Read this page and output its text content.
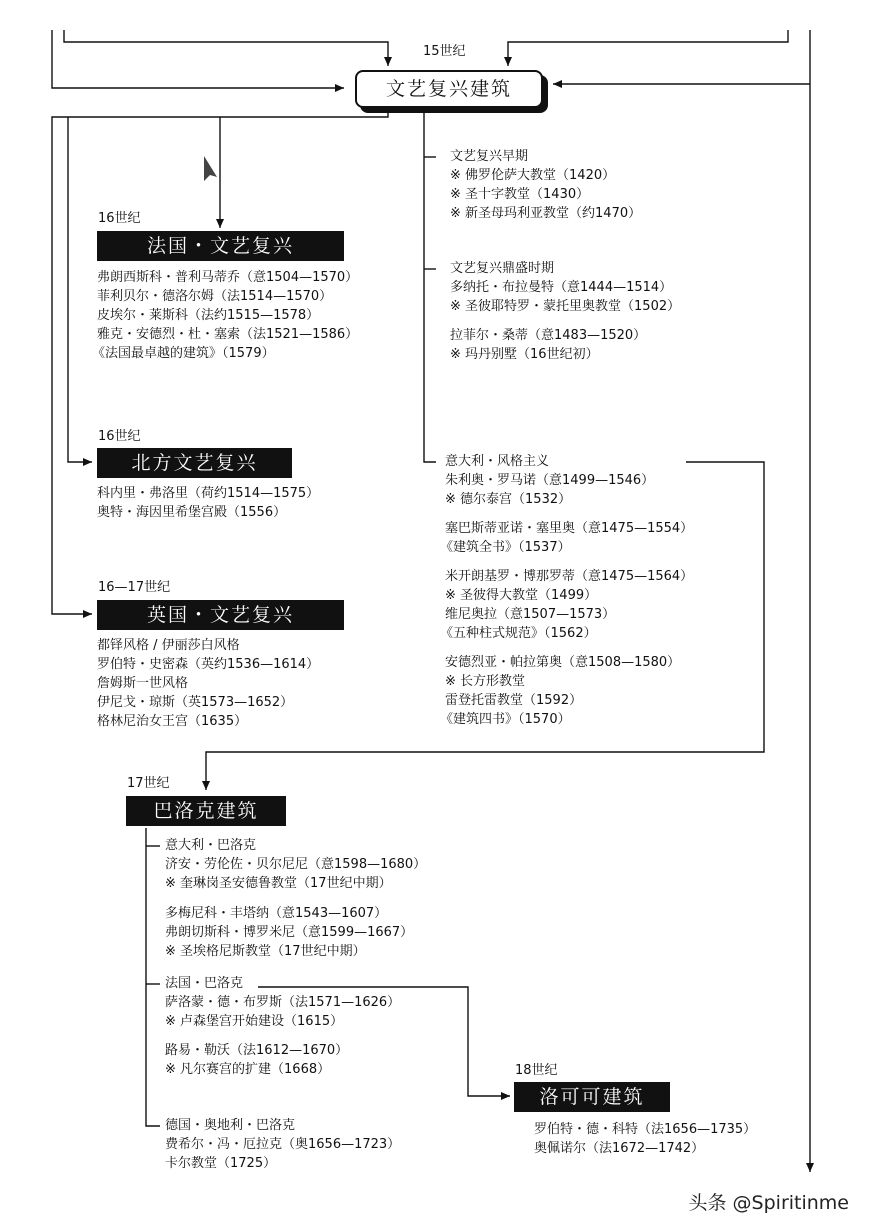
15世纪
文艺复兴建筑
文艺复兴早期
※ 佛罗伦萨大教堂（1420）
※ 圣十字教堂（1430）
※ 新圣母玛利亚教堂（约1470）
文艺复兴鼎盛时期
多纳托・布拉曼特（意1444—1514）
※ 圣彼耶特罗・蒙托里奥教堂（1502）
拉菲尔・桑蒂（意1483—1520）
※ 玛丹别墅（16世纪初）
意大利・风格主义
朱利奥・罗马诺（意1499—1546）
※ 德尔泰宫（1532）
塞巴斯蒂亚诺・塞里奥（意1475—1554）
《建筑全书》（1537）
米开朗基罗・博那罗蒂（意1475—1564）
※ 圣彼得大教堂（1499）
维尼奥拉（意1507—1573）
《五种柱式规范》（1562）
安德烈亚・帕拉第奥（意1508—1580）
※ 长方形教堂
雷登托雷教堂（1592）
《建筑四书》（1570）
16世纪
法国・文艺复兴
弗朗西斯科・普利马蒂乔（意1504—1570）
菲利贝尔・德洛尔姆（法1514—1570）
皮埃尔・莱斯科（法约1515—1578）
雅克・安德烈・杜・塞索（法1521—1586）
《法国最卓越的建筑》（1579）
16世纪
北方文艺复兴
科内里・弗洛里（荷约1514—1575）
奥特・海因里希堡宫殿（1556）
16—17世纪
英国・文艺复兴
都铎风格 / 伊丽莎白风格
罗伯特・史密森（英约1536—1614）
詹姆斯一世风格
伊尼戈・琼斯（英1573—1652）
格林尼治女王宫（1635）
17世纪
巴洛克建筑
意大利・巴洛克
济安・劳伦佐・贝尔尼尼（意1598—1680）
※ 奎琳岗圣安德鲁教堂（17世纪中期）
多梅尼科・丰塔纳（意1543—1607）
弗朗切斯科・博罗米尼（意1599—1667）
※ 圣埃格尼斯教堂（17世纪中期）
法国・巴洛克
萨洛蒙・德・布罗斯（法1571—1626）
※ 卢森堡宫开始建设（1615）
路易・勒沃（法1612—1670）
※ 凡尔赛宫的扩建（1668）
德国・奥地利・巴洛克
费希尔・冯・厄拉克（奥1656—1723）
卡尔教堂（1725）
18世纪
洛可可建筑
罗伯特・德・科特（法1656—1735）
奥佩诺尔（法1672—1742）
头条 @Spiritinme
